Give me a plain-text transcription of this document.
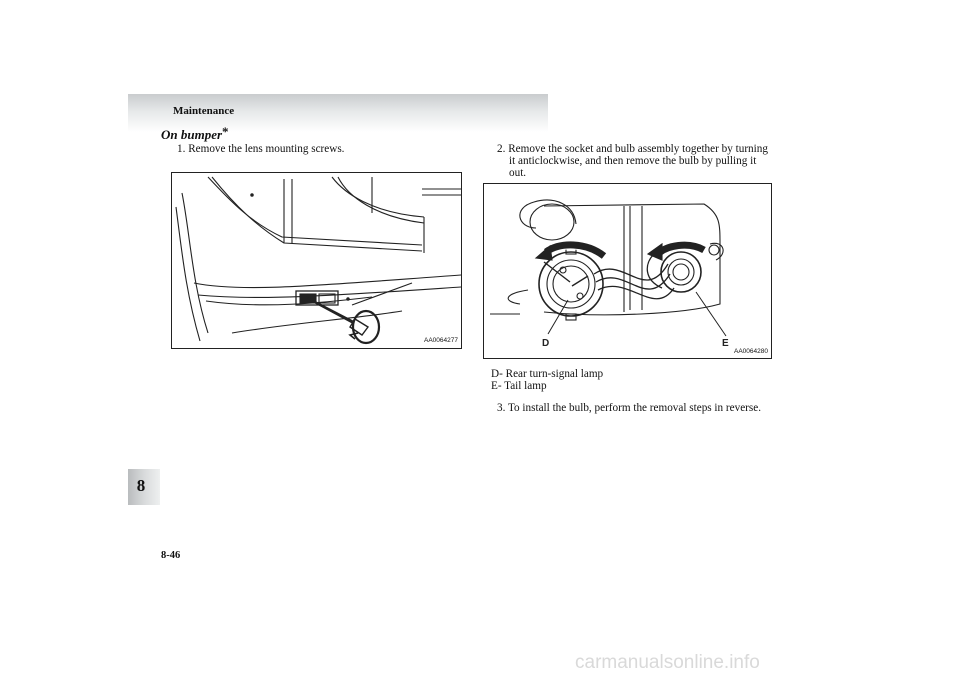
Maintenance
On bumper*
1. Remove the lens mounting screws.
AA0064277
2. Remove the socket and bulb assembly together by turning
it anticlockwise, and then remove the bulb by pulling it
out.
D	E
AA0064280
D- Rear turn-signal lamp
E- Tail lamp
3. To install the bulb, perform the removal steps in reverse.
8
8-46
carmanualsonline.info
